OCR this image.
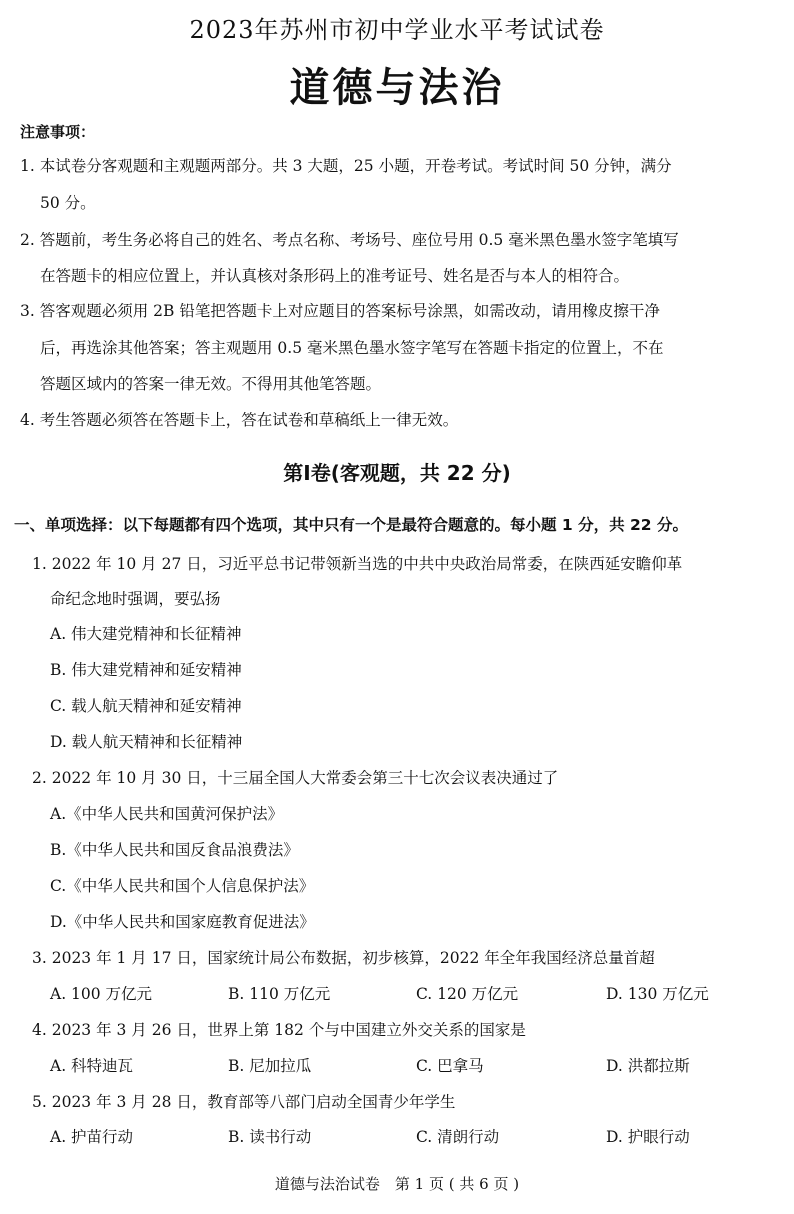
2023年苏州市初中学业水平考试试卷
道德与法治
注意事项：
1. 本试卷分客观题和主观题两部分。共 3 大题，25 小题，开卷考试。考试时间 50 分钟，满分
50 分。
2. 答题前，考生务必将自己的姓名、考点名称、考场号、座位号用 0.5 毫米黑色墨水签字笔填写
在答题卡的相应位置上，并认真核对条形码上的准考证号、姓名是否与本人的相符合。
3. 答客观题必须用 2B 铅笔把答题卡上对应题目的答案标号涂黑，如需改动，请用橡皮擦干净
后，再选涂其他答案；答主观题用 0.5 毫米黑色墨水签字笔写在答题卡指定的位置上，不在
答题区域内的答案一律无效。不得用其他笔答题。
4. 考生答题必须答在答题卡上，答在试卷和草稿纸上一律无效。
第Ⅰ卷(客观题，共 22 分)
一、单项选择：以下每题都有四个选项，其中只有一个是最符合题意的。每小题 1 分，共 22 分。
1. 2022 年 10 月 27 日，习近平总书记带领新当选的中共中央政治局常委，在陕西延安瞻仰革
命纪念地时强调，要弘扬
A. 伟大建党精神和长征精神
B. 伟大建党精神和延安精神
C. 载人航天精神和延安精神
D. 载人航天精神和长征精神
2. 2022 年 10 月 30 日，十三届全国人大常委会第三十七次会议表决通过了
A.《中华人民共和国黄河保护法》
B.《中华人民共和国反食品浪费法》
C.《中华人民共和国个人信息保护法》
D.《中华人民共和国家庭教育促进法》
3. 2023 年 1 月 17 日，国家统计局公布数据，初步核算，2022 年全年我国经济总量首超
A. 100 万亿元	B. 110 万亿元	C. 120 万亿元	D. 130 万亿元
4. 2023 年 3 月 26 日，世界上第 182 个与中国建立外交关系的国家是
A. 科特迪瓦	B. 尼加拉瓜	C. 巴拿马	D. 洪都拉斯
5. 2023 年 3 月 28 日，教育部等八部门启动全国青少年学生
A. 护苗行动	B. 读书行动	C. 清朗行动	D. 护眼行动
道德与法治试卷　第 1 页 ( 共 6 页 )
